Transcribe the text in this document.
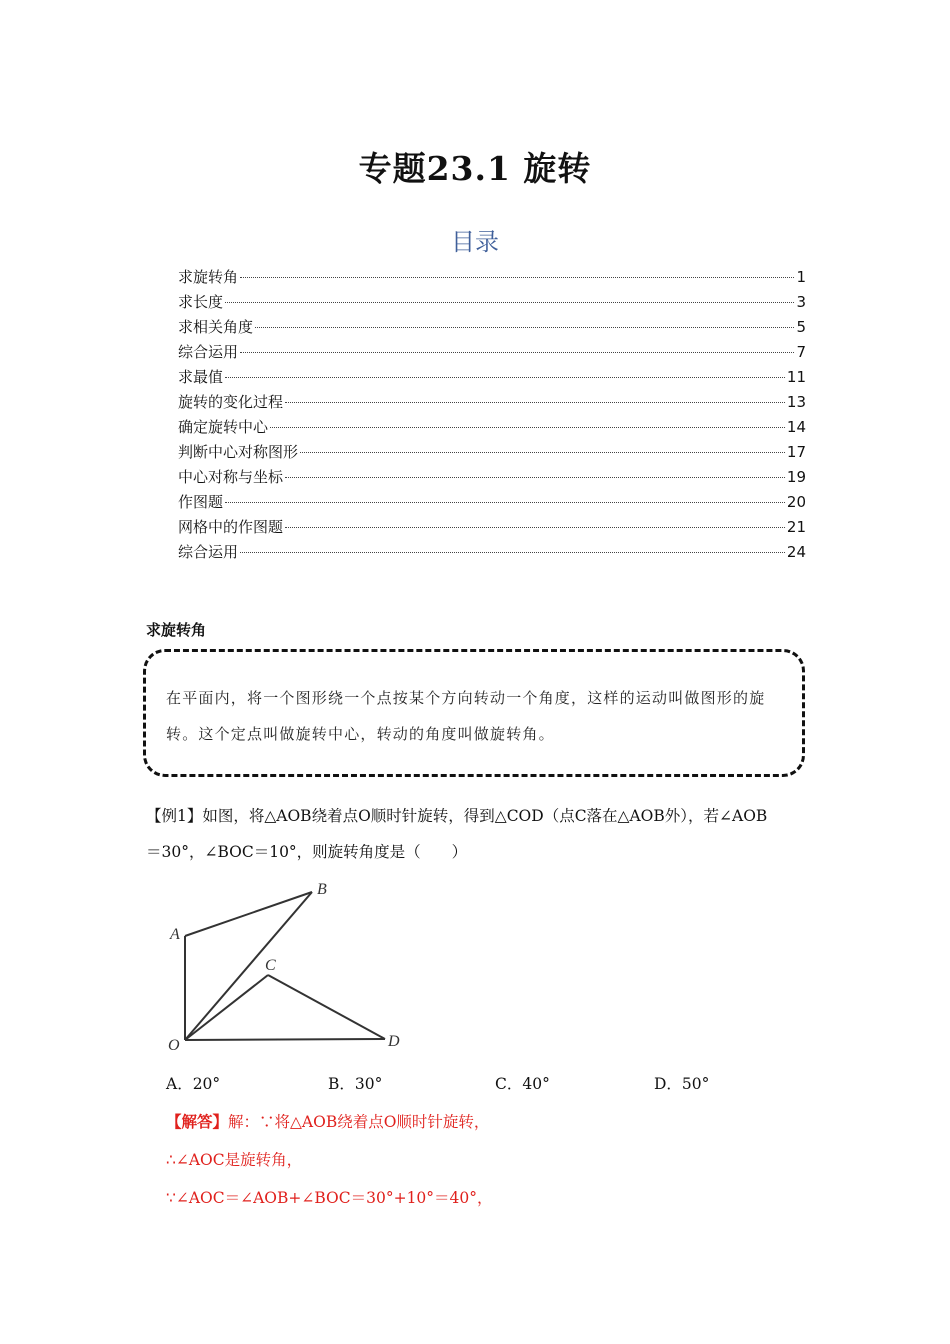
专题23.1 旋转
目录
求旋转角	1
求长度	3
求相关角度	5
综合运用	7
求最值	11
旋转的变化过程	13
确定旋转中心	14
判断中心对称图形	17
中心对称与坐标	19
作图题	20
网格中的作图题	21
综合运用	24
求旋转角
在平面内，将一个图形绕一个点按某个方向转动一个角度，这样的运动叫做图形的旋转。这个定点叫做旋转中心，转动的角度叫做旋转角。
【例1】如图，将△AOB绕着点O顺时针旋转，得到△COD（点C落在△AOB外），若∠AOB
＝30°，∠BOC＝10°，则旋转角度是（　　）
A
B
C
D
O
A．20°	B．30°	C．40°	D．50°
【解答】解：∵将△AOB绕着点O顺时针旋转，
∴∠AOC是旋转角，
∵∠AOC＝∠AOB+∠BOC＝30°+10°＝40°，
